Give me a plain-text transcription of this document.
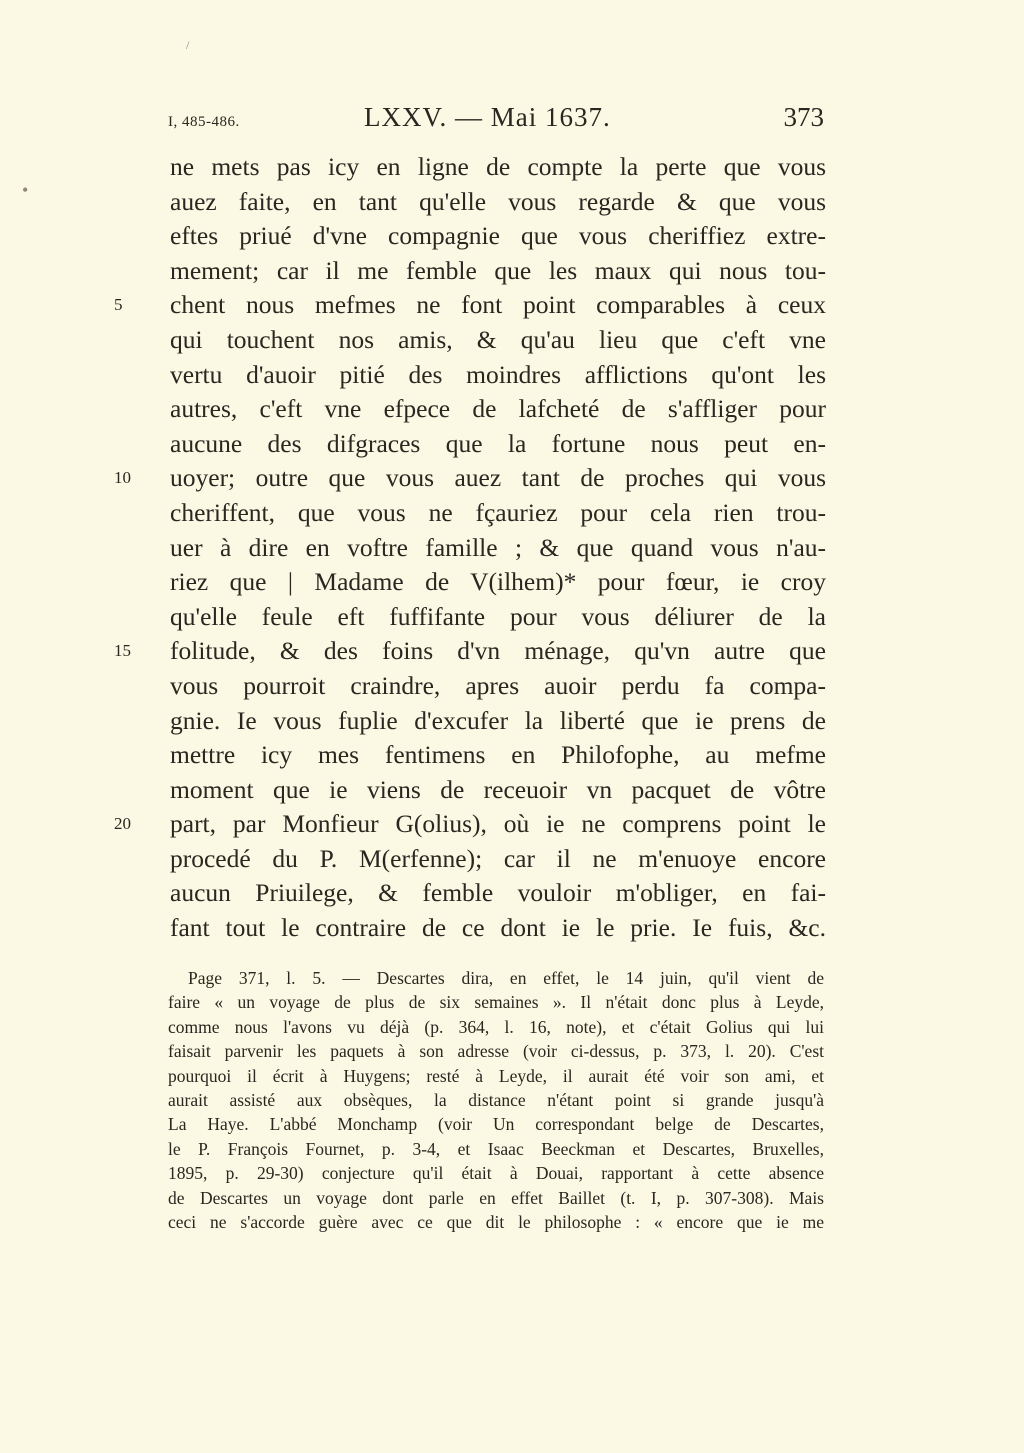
/
•
I, 485-486.	LXXV. — Mai 1637.	373
ne mets pas icy en ligne de compte la perte que vous
auez faite, en tant qu'elle vous regarde & que vous
eftes priué d'vne compagnie que vous cheriffiez extre-
mement; car il me femble que les maux qui nous tou-
5	chent nous mefmes ne font point comparables à ceux
qui touchent nos amis, & qu'au lieu que c'eft vne
vertu d'auoir pitié des moindres afflictions qu'ont les
autres, c'eft vne efpece de lafcheté de s'affliger pour
aucune des difgraces que la fortune nous peut en-
10	uoyer; outre que vous auez tant de proches qui vous
cheriffent, que vous ne fçauriez pour cela rien trou-
uer à dire en voftre famille ; & que quand vous n'au-
riez que | Madame de V(ilhem)* pour fœur, ie croy
qu'elle feule eft fuffifante pour vous déliurer de la
15	folitude, & des foins d'vn ménage, qu'vn autre que
vous pourroit craindre, apres auoir perdu fa compa-
gnie. Ie vous fuplie d'excufer la liberté que ie prens de
mettre icy mes fentimens en Philofophe, au mefme
moment que ie viens de receuoir vn pacquet de vôtre
20	part, par Monfieur G(olius), où ie ne comprens point le
procedé du P. M(erfenne); car il ne m'enuoye encore
aucun Priuilege, & femble vouloir m'obliger, en fai-
fant tout le contraire de ce dont ie le prie. Ie fuis, &c.
Page 371, l. 5. — Descartes dira, en effet, le 14 juin, qu'il vient de
faire « un voyage de plus de six semaines ». Il n'était donc plus à Leyde,
comme nous l'avons vu déjà (p. 364, l. 16, note), et c'était Golius qui lui
faisait parvenir les paquets à son adresse (voir ci-dessus, p. 373, l. 20). C'est
pourquoi il écrit à Huygens; resté à Leyde, il aurait été voir son ami, et
aurait assisté aux obsèques, la distance n'étant point si grande jusqu'à
La Haye. L'abbé Monchamp (voir Un correspondant belge de Descartes,
le P. François Fournet, p. 3-4, et Isaac Beeckman et Descartes, Bruxelles,
1895, p. 29-30) conjecture qu'il était à Douai, rapportant à cette absence
de Descartes un voyage dont parle en effet Baillet (t. I, p. 307-308). Mais
ceci ne s'accorde guère avec ce que dit le philosophe : « encore que ie me
